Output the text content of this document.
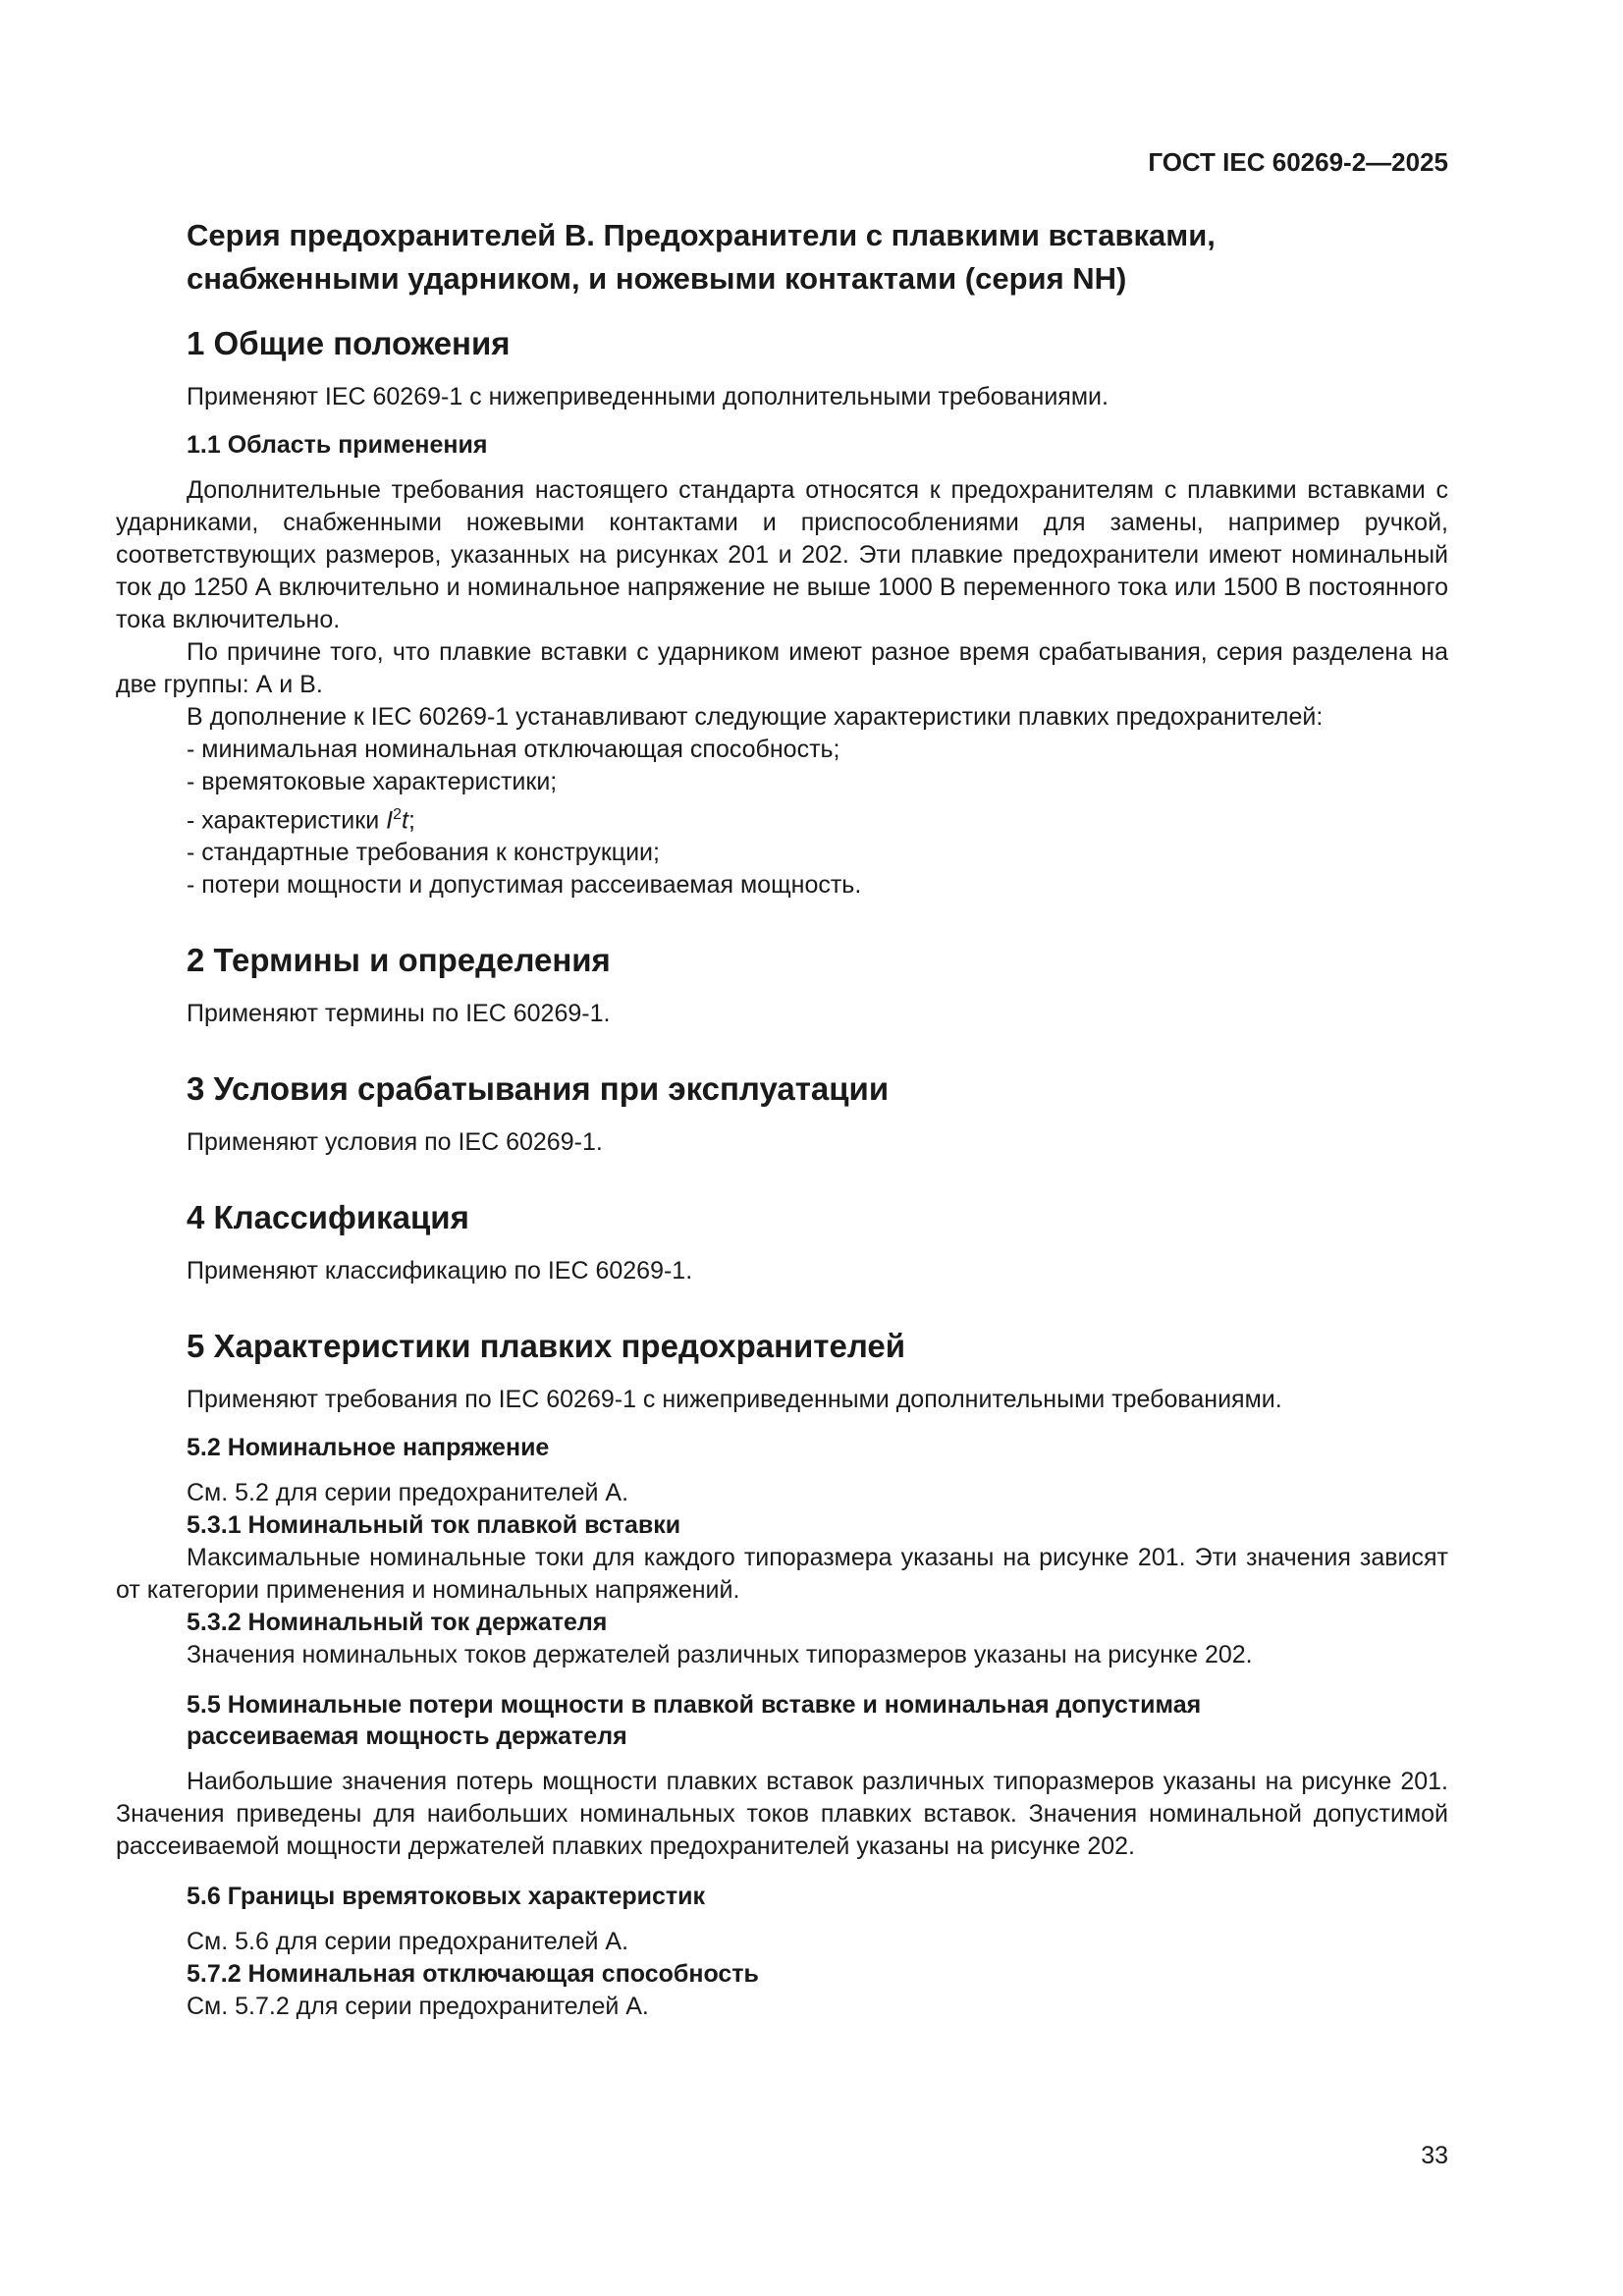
ГОСТ IEC 60269-2—2025
Серия предохранителей B. Предохранители с плавкими вставками,
снабженными ударником, и ножевыми контактами (серия NH)
1 Общие положения

Применяют IEC 60269-1 с нижеприведенными дополнительными требованиями.

1.1 Область применения

Дополнительные требования настоящего стандарта относятся к предохранителям с плавкими вставками с ударниками, снабженными ножевыми контактами и приспособлениями для замены, например ручкой, соответствующих размеров, указанных на рисунках 201 и 202. Эти плавкие предохранители имеют номинальный ток до 1250 А включительно и номинальное напряжение не выше 1000 В переменного тока или 1500 В постоянного тока включительно.

По причине того, что плавкие вставки с ударником имеют разное время срабатывания, серия разделена на две группы: А и В.

В дополнение к IEC 60269-1 устанавливают следующие характеристики плавких предохранителей:

- минимальная номинальная отключающая способность;

- времятоковые характеристики;

- характеристики $I^2t$;

- стандартные требования к конструкции;

- потери мощности и допустимая рассеиваемая мощность.

2 Термины и определения

Применяют термины по IEC 60269-1.

3 Условия срабатывания при эксплуатации

Применяют условия по IEC 60269-1.

4 Классификация

Применяют классификацию по IEC 60269-1.

5 Характеристики плавких предохранителей

Применяют требования по IEC 60269-1 с нижеприведенными дополнительными требованиями.

5.2 Номинальное напряжение

См. 5.2 для серии предохранителей А.

5.3.1 Номинальный ток плавкой вставки

Максимальные номинальные токи для каждого типоразмера указаны на рисунке 201. Эти значения зависят от категории применения и номинальных напряжений.

5.3.2 Номинальный ток держателя

Значения номинальных токов держателей различных типоразмеров указаны на рисунке 202.

5.5 Номинальные потери мощности в плавкой вставке и номинальная допустимая
рассеиваемая мощность держателя

Наибольшие значения потерь мощности плавких вставок различных типоразмеров указаны на рисунке 201. Значения приведены для наибольших номинальных токов плавких вставок. Значения номинальной допустимой рассеиваемой мощности держателей плавких предохранителей указаны на рисунке 202.

5.6 Границы времятоковых характеристик

См. 5.6 для серии предохранителей А.

5.7.2 Номинальная отключающая способность

См. 5.7.2 для серии предохранителей А.

33
